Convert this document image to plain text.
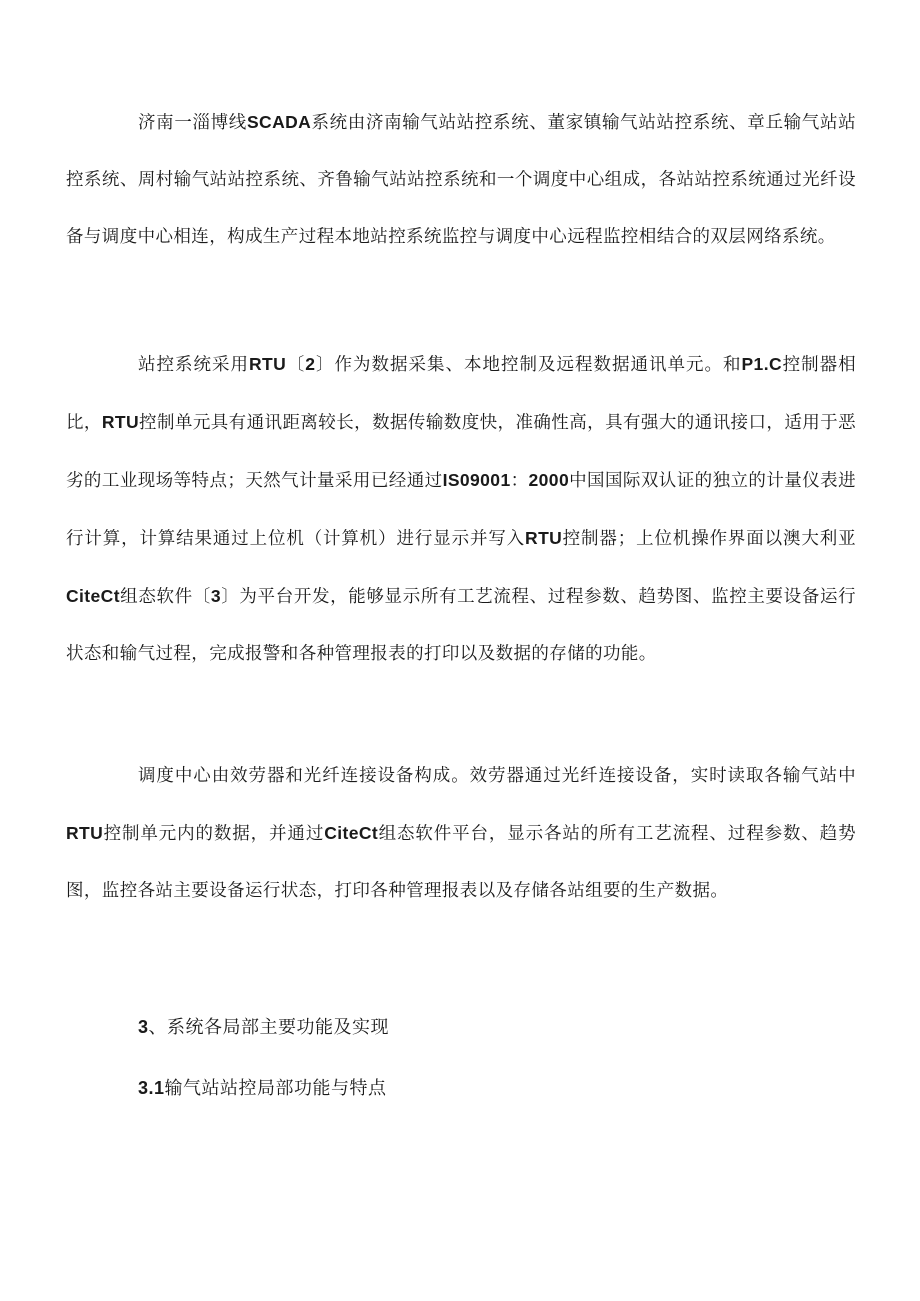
济南一淄博线SCADA系统由济南输气站站控系统、董家镇输气站站控系统、章丘输气站站控系统、周村输气站站控系统、齐鲁输气站站控系统和一个调度中心组成，各站站控系统通过光纤设备与调度中心相连，构成生产过程本地站控系统监控与调度中心远程监控相结合的双层网络系统。

站控系统采用RTU〔2〕作为数据采集、本地控制及远程数据通讯单元。和P1.C控制器相比，RTU控制单元具有通讯距离较长，数据传输数度快，准确性高，具有强大的通讯接口，适用于恶劣的工业现场等特点；天然气计量采用已经通过IS09001：2000中国国际双认证的独立的计量仪表进行计算，计算结果通过上位机（计算机）进行显示并写入RTU控制器；上位机操作界面以澳大利亚CiteCt组态软件〔3〕为平台开发，能够显示所有工艺流程、过程参数、趋势图、监控主要设备运行状态和输气过程，完成报警和各种管理报表的打印以及数据的存储的功能。

调度中心由效劳器和光纤连接设备构成。效劳器通过光纤连接设备，实时读取各输气站中RTU控制单元内的数据，并通过CiteCt组态软件平台，显示各站的所有工艺流程、过程参数、趋势图，监控各站主要设备运行状态，打印各种管理报表以及存储各站组要的生产数据。

3、系统各局部主要功能及实现

3.1输气站站控局部功能与特点
